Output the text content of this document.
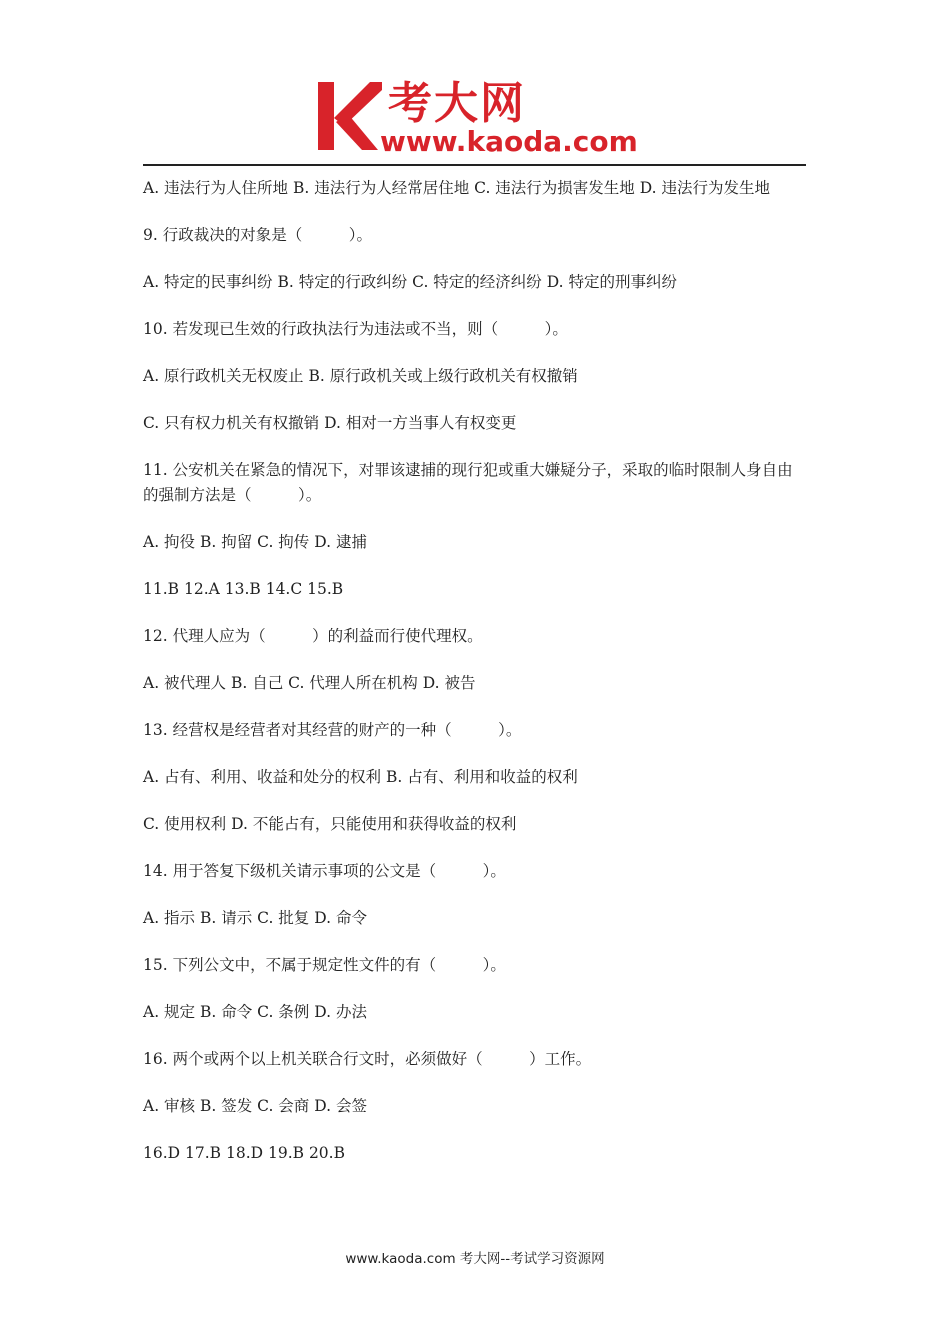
考大网
www.kaoda.com

A. 违法行为人住所地 B. 违法行为人经常居住地 C. 违法行为损害发生地 D. 违法行为发生地

9. 行政裁决的对象是（　　　）。

A. 特定的民事纠纷 B. 特定的行政纠纷 C. 特定的经济纠纷 D. 特定的刑事纠纷

10. 若发现已生效的行政执法行为违法或不当，则（　　　）。

A. 原行政机关无权废止 B. 原行政机关或上级行政机关有权撤销

C. 只有权力机关有权撤销 D. 相对一方当事人有权变更

11. 公安机关在紧急的情况下，对罪该逮捕的现行犯或重大嫌疑分子，采取的临时限制人身自由的强制方法是（　　　）。

A. 拘役 B. 拘留 C. 拘传 D. 逮捕

11.B 12.A 13.B 14.C 15.B

12. 代理人应为（　　　）的利益而行使代理权。

A. 被代理人 B. 自己 C. 代理人所在机构 D. 被告

13. 经营权是经营者对其经营的财产的一种（　　　）。

A. 占有、利用、收益和处分的权利 B. 占有、利用和收益的权利

C. 使用权利 D. 不能占有，只能使用和获得收益的权利

14. 用于答复下级机关请示事项的公文是（　　　）。

A. 指示 B. 请示 C. 批复 D. 命令

15. 下列公文中，不属于规定性文件的有（　　　）。

A. 规定 B. 命令 C. 条例 D. 办法

16. 两个或两个以上机关联合行文时，必须做好（　　　）工作。

A. 审核 B. 签发 C. 会商 D. 会签

16.D 17.B 18.D 19.B 20.B

www.kaoda.com 考大网--考试学习资源网
